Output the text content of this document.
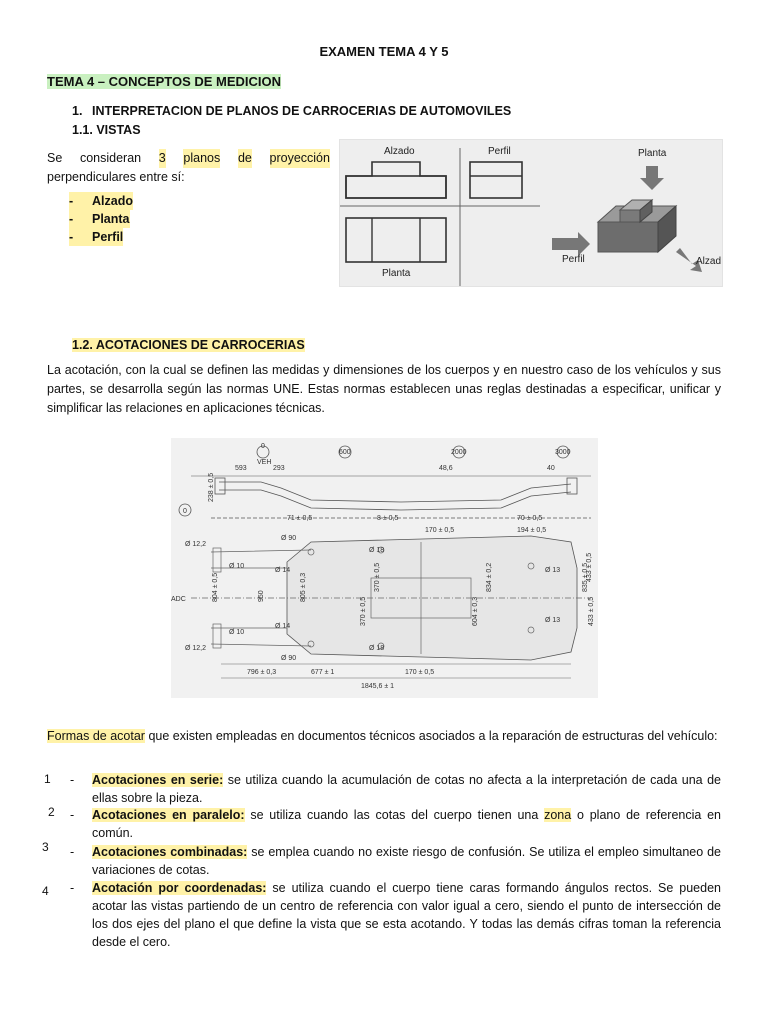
EXAMEN TEMA 4 Y 5
TEMA 4 – CONCEPTOS DE MEDICION
1. INTERPRETACION DE PLANOS DE CARROCERIAS DE AUTOMOVILES
1.1. VISTAS
Se consideran 3 planos de proyección
perpendiculares entre sí:
-	Alzado
-	Planta
-	Perfil
Alzado	Perfil
Planta
Planta
Perfil	Alzad
1.2. ACOTACIONES DE CARROCERIAS
La acotación, con la cual se definen las medidas y dimensiones de los cuerpos y en nuestro caso de los vehículos y sus partes, se desarrolla según las normas UNE. Estas normas establecen unas reglas destinadas a especificar, unificar y simplificar las relaciones en aplicaciones técnicas.
0
VEH
600	2000	3000
0
593	293	48,6	40
238 ± 0,5
71 ± 0,5	8 ± 0,5	70 ± 0,5
170 ± 0,5	194 ± 0,5
Ø 12,2
Ø 90
Ø 18
Ø 10
Ø 14	Ø 13
ADC	804 ± 0,5	950	805 ± 0,3	370 ± 0,5
370 ± 0,5
834 ± 0,2
604 ± 0,3
835 ± 0,5
433 ± 0,5
433 ± 0,5
Ø 10
Ø 14
Ø 13
Ø 18
Ø 12,2
Ø 90
796 ± 0,3	677 ± 1	170 ± 0,5
1845,6 ± 1
Formas de acotar que existen empleadas en documentos técnicos asociados a la reparación de estructuras del vehículo:
1
2
3
4
- Acotaciones en serie: se utiliza cuando la acumulación de cotas no afecta a la interpretación de cada una de ellas sobre la pieza.
- Acotaciones en paralelo: se utiliza cuando las cotas del cuerpo tienen una zona o plano de referencia en común.
- Acotaciones combinadas: se emplea cuando no existe riesgo de confusión. Se utiliza el empleo simultaneo de variaciones de cotas.
- Acotación por coordenadas: se utiliza cuando el cuerpo tiene caras formando ángulos rectos. Se pueden acotar las vistas partiendo de un centro de referencia con valor igual a cero, siendo el punto de intersección de los dos ejes del plano el que define la vista que se esta acotando. Y todas las demás cifras toman la referencia desde el cero.
